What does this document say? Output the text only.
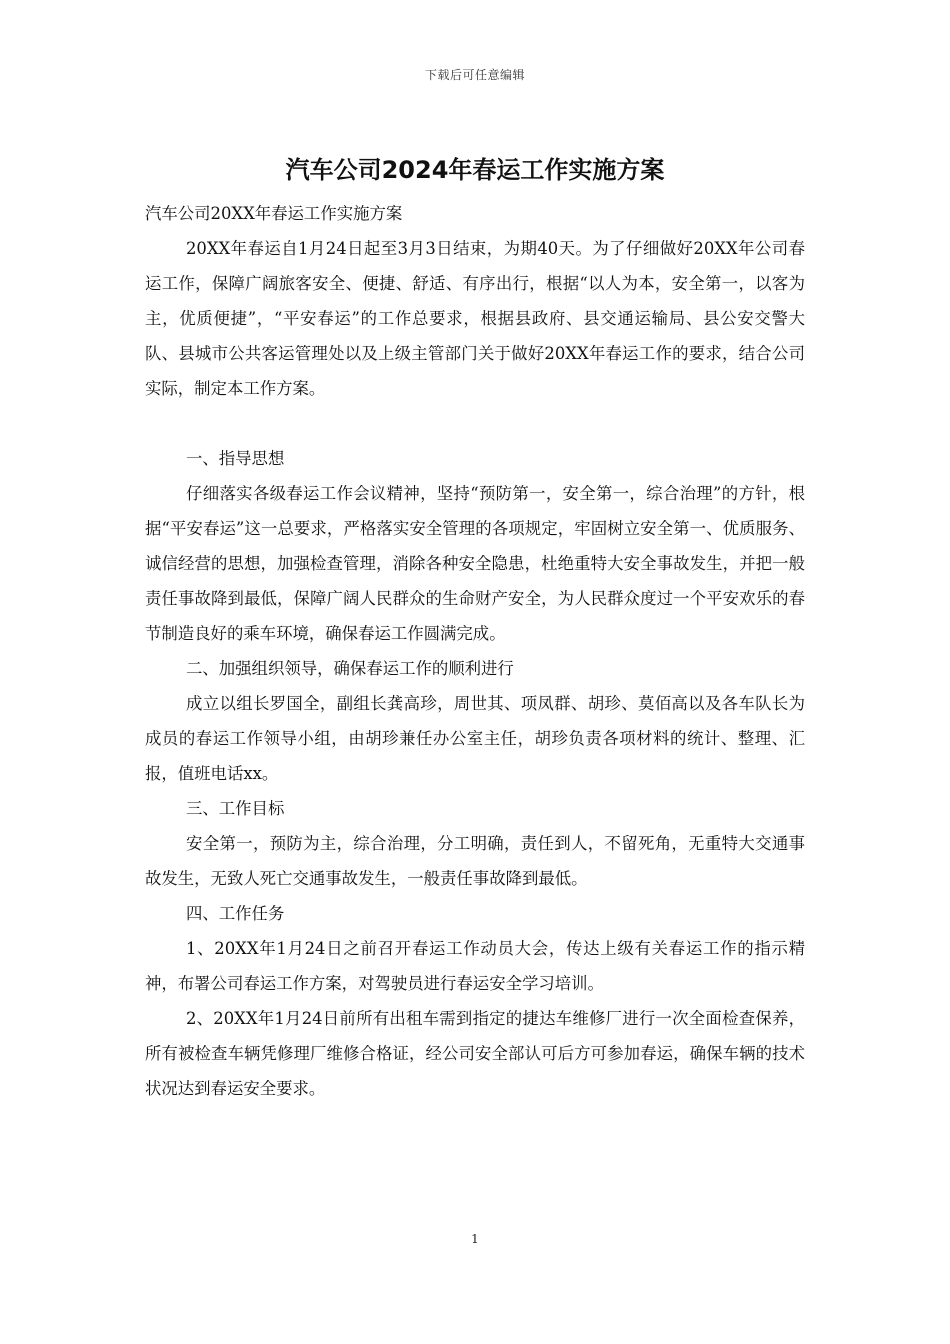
下载后可任意编辑
汽车公司2024年春运工作实施方案

汽车公司20XX年春运工作实施方案

20XX年春运自1月24日起至3月3日结束，为期40天。为了仔细做好20XX年公司春运工作，保障广阔旅客安全、便捷、舒适、有序出行，根据“以人为本，安全第一，以客为主，优质便捷”，“平安春运”的工作总要求，根据县政府、县交通运输局、县公安交警大队、县城市公共客运管理处以及上级主管部门关于做好20XX年春运工作的要求，结合公司实际，制定本工作方案。

一、指导思想

仔细落实各级春运工作会议精神，坚持“预防第一，安全第一，综合治理”的方针，根据“平安春运”这一总要求，严格落实安全管理的各项规定，牢固树立安全第一、优质服务、诚信经营的思想，加强检查管理，消除各种安全隐患，杜绝重特大安全事故发生，并把一般责任事故降到最低，保障广阔人民群众的生命财产安全，为人民群众度过一个平安欢乐的春节制造良好的乘车环境，确保春运工作圆满完成。

二、加强组织领导，确保春运工作的顺利进行

成立以组长罗国全，副组长龚高珍，周世其、项凤群、胡珍、莫佰高以及各车队长为成员的春运工作领导小组，由胡珍兼任办公室主任，胡珍负责各项材料的统计、整理、汇报，值班电话xx。

三、工作目标

安全第一，预防为主，综合治理，分工明确，责任到人，不留死角，无重特大交通事故发生，无致人死亡交通事故发生，一般责任事故降到最低。

四、工作任务

1、20XX年1月24日之前召开春运工作动员大会，传达上级有关春运工作的指示精神，布署公司春运工作方案，对驾驶员进行春运安全学习培训。

2、20XX年1月24日前所有出租车需到指定的捷达车维修厂进行一次全面检查保养，所有被检查车辆凭修理厂维修合格证，经公司安全部认可后方可参加春运，确保车辆的技术状况达到春运安全要求。

1
